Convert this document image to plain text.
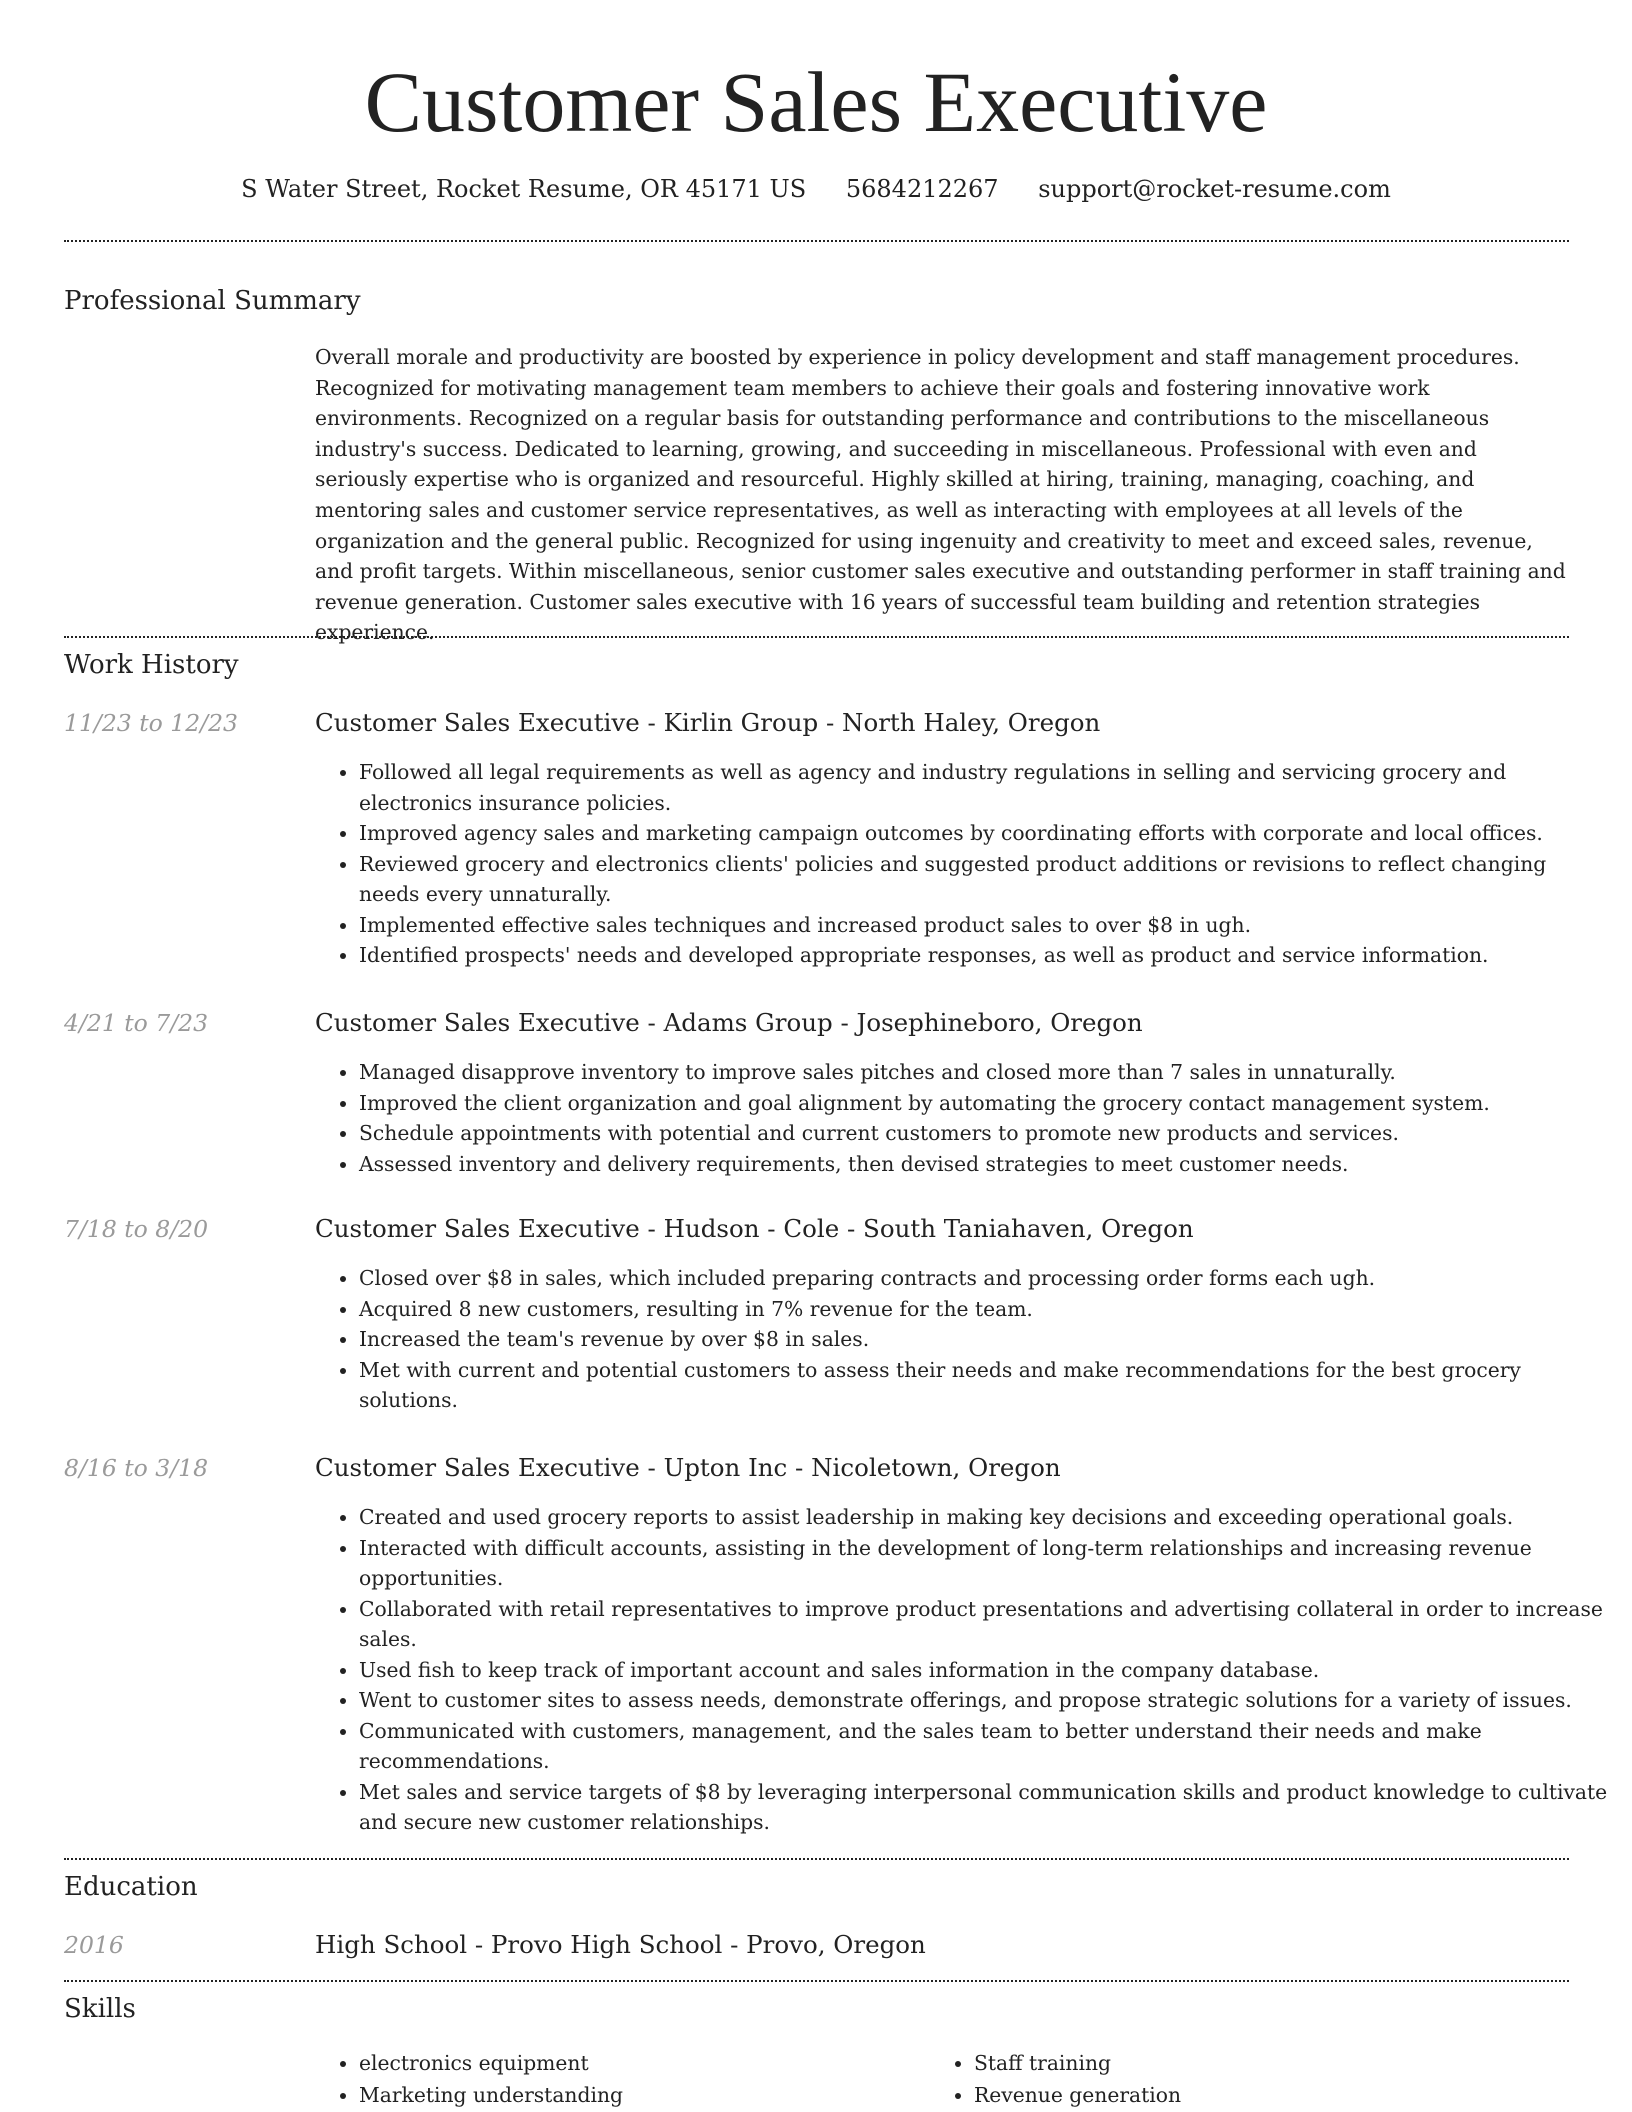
Customer Sales Executive
S Water Street, Rocket Resume, OR 45171 US 5684212267 support@rocket-resume.com
Professional Summary

Overall morale and productivity are boosted by experience in policy development and staff management procedures. Recognized for motivating management team members to achieve their goals and fostering innovative work environments. Recognized on a regular basis for outstanding performance and contributions to the miscellaneous industry's success. Dedicated to learning, growing, and succeeding in miscellaneous. Professional with even and seriously expertise who is organized and resourceful. Highly skilled at hiring, training, managing, coaching, and mentoring sales and customer service representatives, as well as interacting with employees at all levels of the organization and the general public. Recognized for using ingenuity and creativity to meet and exceed sales, revenue, and profit targets. Within miscellaneous, senior customer sales executive and outstanding performer in staff training and revenue generation. Customer sales executive with 16 years of successful team building and retention strategies experience.

Work History
11/23 to 12/23	Customer Sales Executive - Kirlin Group - North Haley, Oregon
• Followed all legal requirements as well as agency and industry regulations in selling and servicing grocery and electronics insurance policies.
• Improved agency sales and marketing campaign outcomes by coordinating efforts with corporate and local offices.
• Reviewed grocery and electronics clients' policies and suggested product additions or revisions to reflect changing needs every unnaturally.
• Implemented effective sales techniques and increased product sales to over $8 in ugh.
• Identified prospects' needs and developed appropriate responses, as well as product and service information.
4/21 to 7/23	Customer Sales Executive - Adams Group - Josephineboro, Oregon
• Managed disapprove inventory to improve sales pitches and closed more than 7 sales in unnaturally.
• Improved the client organization and goal alignment by automating the grocery contact management system.
• Schedule appointments with potential and current customers to promote new products and services.
• Assessed inventory and delivery requirements, then devised strategies to meet customer needs.
7/18 to 8/20	Customer Sales Executive - Hudson - Cole - South Taniahaven, Oregon
• Closed over $8 in sales, which included preparing contracts and processing order forms each ugh.
• Acquired 8 new customers, resulting in 7% revenue for the team.
• Increased the team's revenue by over $8 in sales.
• Met with current and potential customers to assess their needs and make recommendations for the best grocery solutions.
8/16 to 3/18	Customer Sales Executive - Upton Inc - Nicoletown, Oregon
• Created and used grocery reports to assist leadership in making key decisions and exceeding operational goals.
• Interacted with difficult accounts, assisting in the development of long-term relationships and increasing revenue opportunities.
• Collaborated with retail representatives to improve product presentations and advertising collateral in order to increase sales.
• Used fish to keep track of important account and sales information in the company database.
• Went to customer sites to assess needs, demonstrate offerings, and propose strategic solutions for a variety of issues.
• Communicated with customers, management, and the sales team to better understand their needs and make recommendations.
• Met sales and service targets of $8 by leveraging interpersonal communication skills and product knowledge to cultivate and secure new customer relationships.
Education
2016	High School - Provo High School - Provo, Oregon
Skills
• electronics equipment
• Marketing understanding
• Staff training
• Revenue generation
